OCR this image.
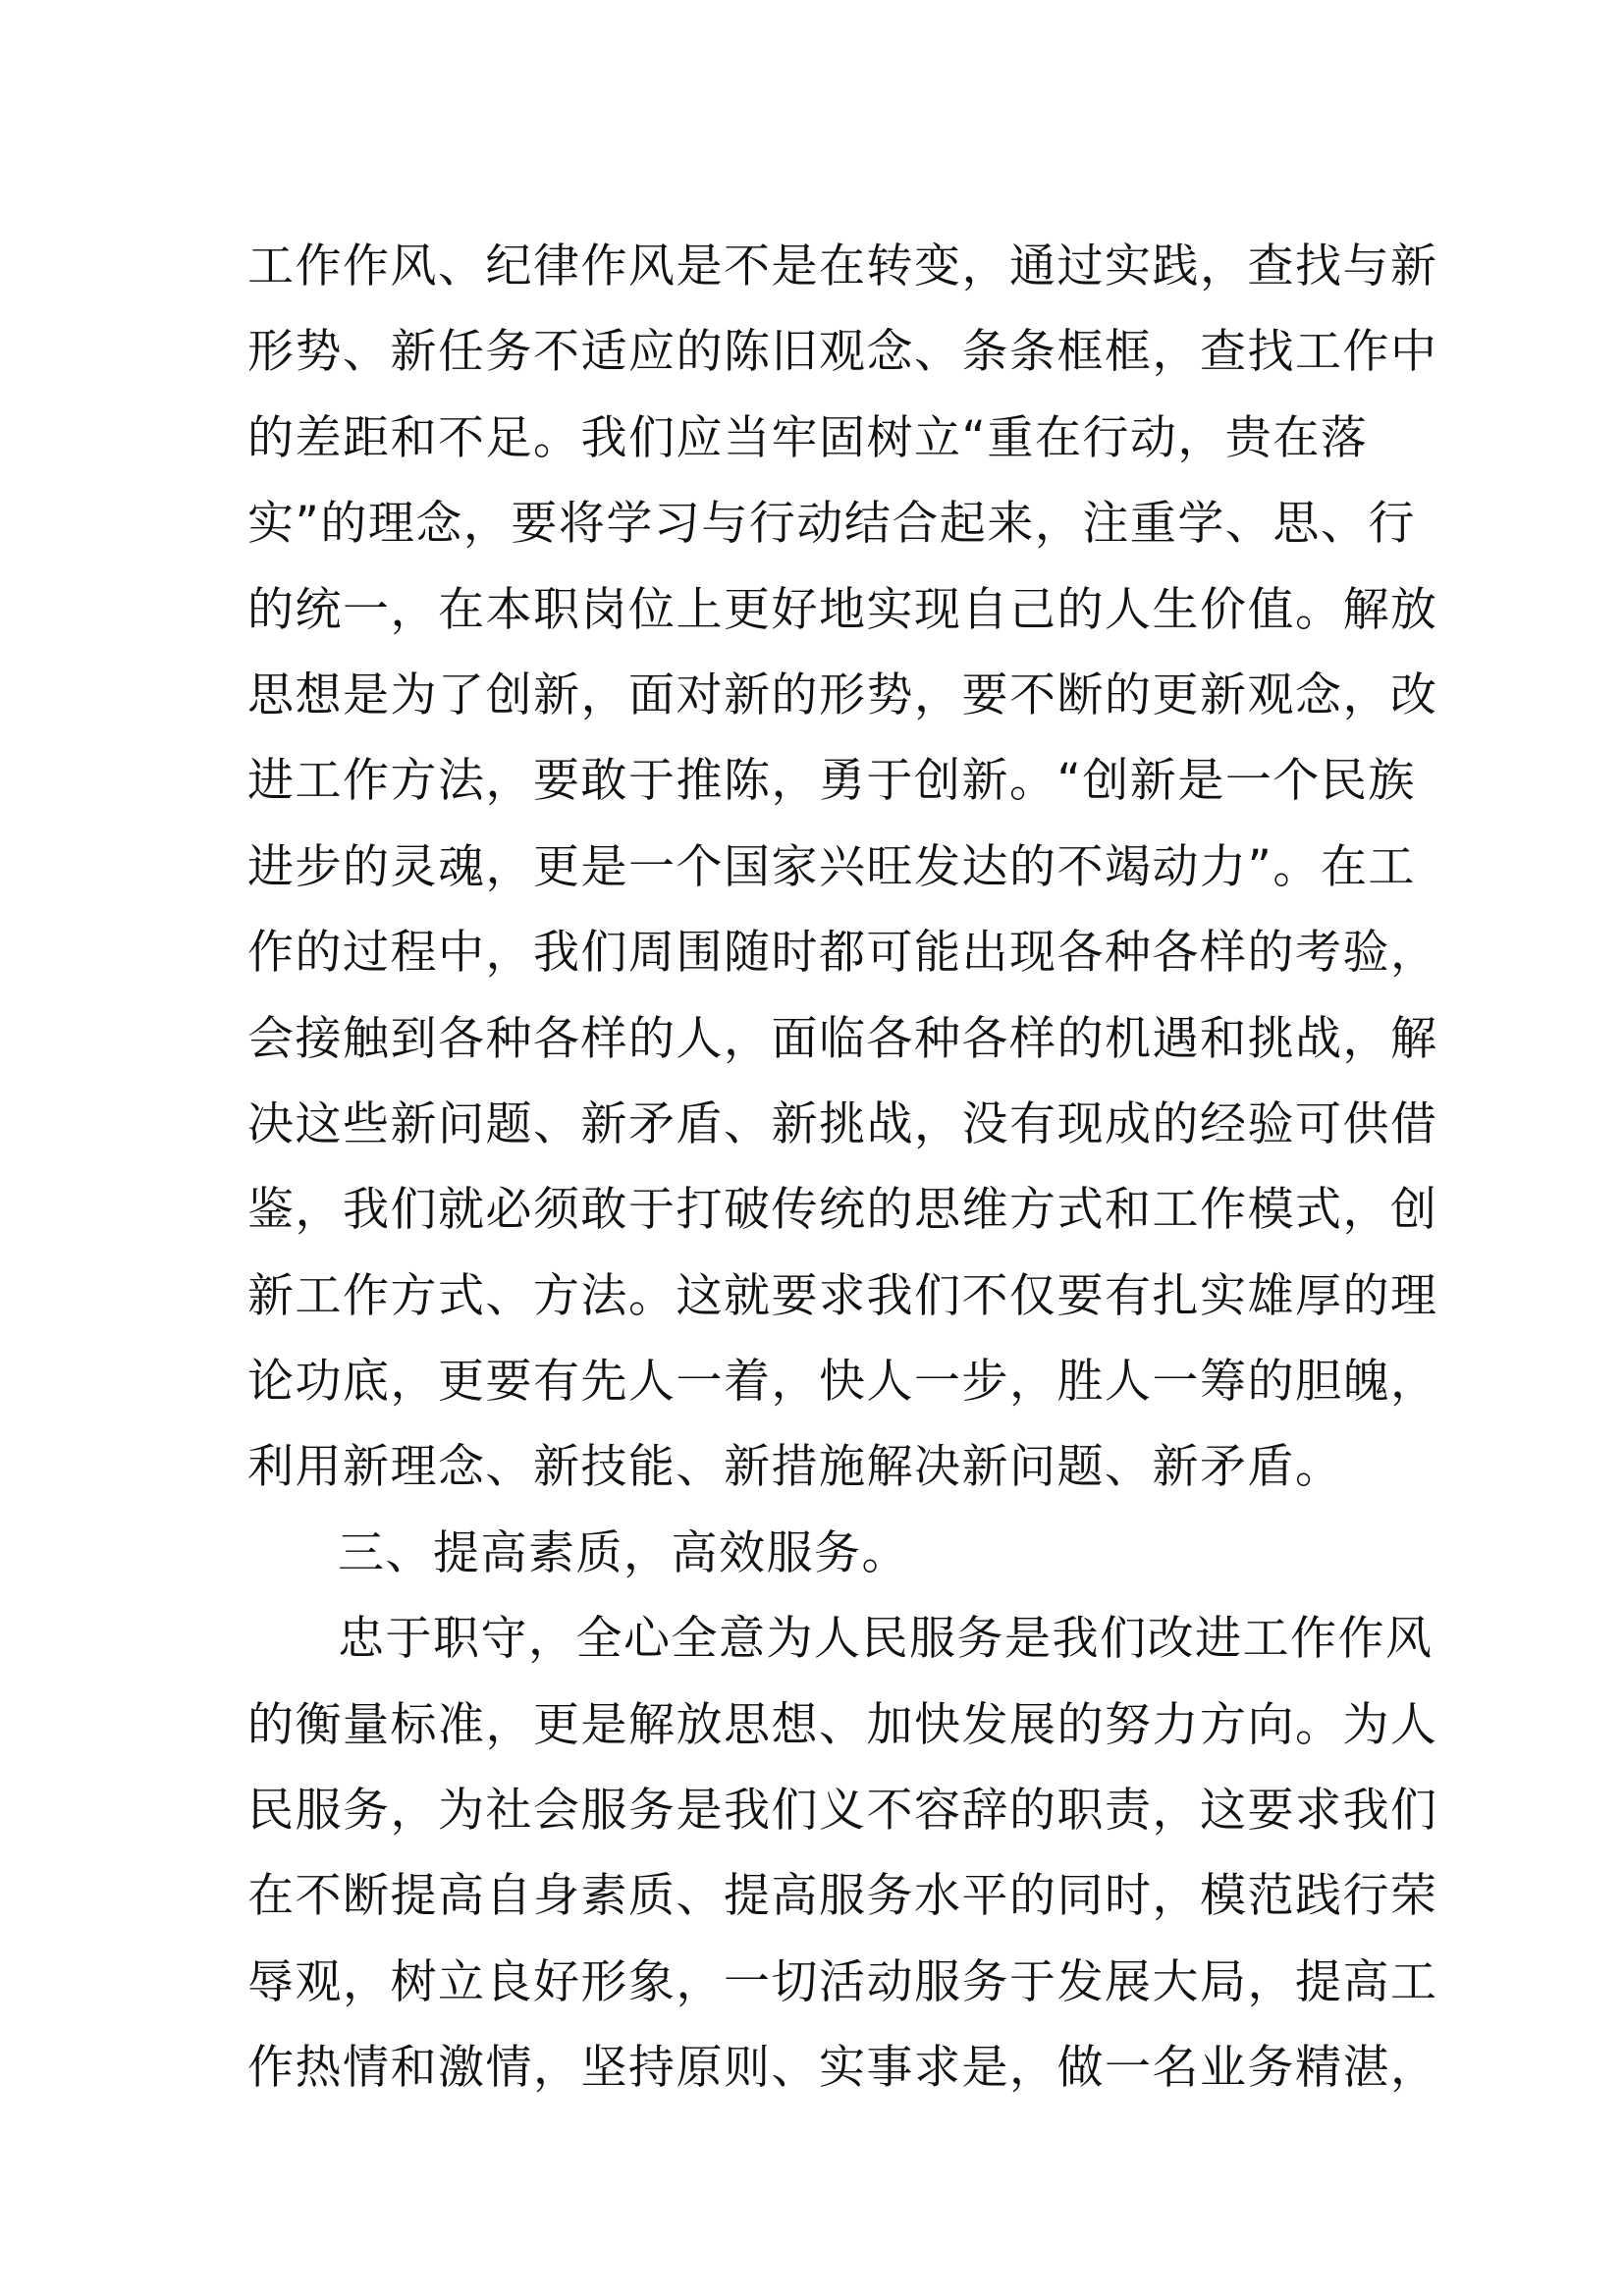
工作作风、纪律作风是不是在转变，通过实践，查找与新
形势、新任务不适应的陈旧观念、条条框框，查找工作中
的差距和不足。我们应当牢固树立“重在行动，贵在落
实”的理念，要将学习与行动结合起来，注重学、思、行
的统一，在本职岗位上更好地实现自己的人生价值。解放
思想是为了创新，面对新的形势，要不断的更新观念，改
进工作方法，要敢于推陈，勇于创新。“创新是一个民族
进步的灵魂，更是一个国家兴旺发达的不竭动力”。在工
作的过程中，我们周围随时都可能出现各种各样的考验，
会接触到各种各样的人，面临各种各样的机遇和挑战，解
决这些新问题、新矛盾、新挑战，没有现成的经验可供借
鉴，我们就必须敢于打破传统的思维方式和工作模式，创
新工作方式、方法。这就要求我们不仅要有扎实雄厚的理
论功底，更要有先人一着，快人一步，胜人一筹的胆魄，
利用新理念、新技能、新措施解决新问题、新矛盾。
三、提高素质，高效服务。
忠于职守，全心全意为人民服务是我们改进工作作风
的衡量标准，更是解放思想、加快发展的努力方向。为人
民服务，为社会服务是我们义不容辞的职责，这要求我们
在不断提高自身素质、提高服务水平的同时，模范践行荣
辱观，树立良好形象，一切活动服务于发展大局，提高工
作热情和激情，坚持原则、实事求是，做一名业务精湛，
